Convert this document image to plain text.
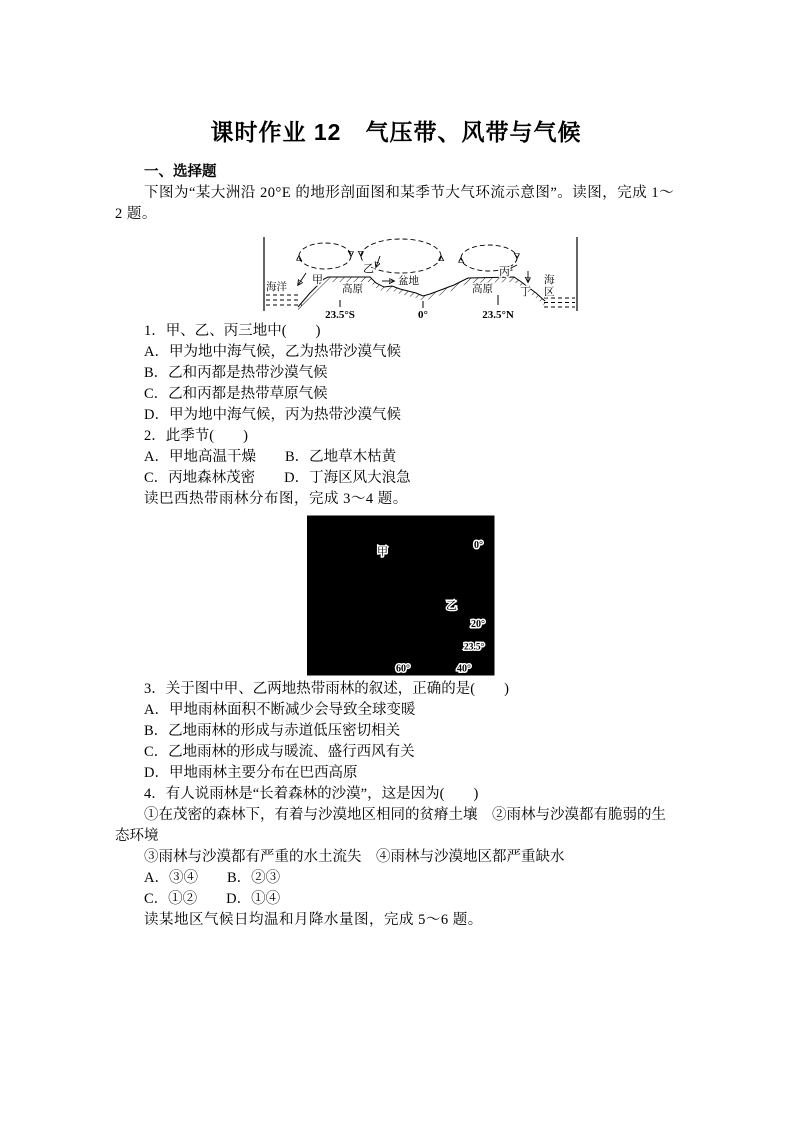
课时作业 12　气压带、风带与气候
一、选择题

下图为“某大洲沿 20°E 的地形剖面图和某季节大气环流示意图”。读图，完成 1～2 题。

海洋
甲
高原
乙
盆地
高原
丙
丁
海
区
23.5°S	0°	23.5°N

1．甲、乙、丙三地中(　　)

A．甲为地中海气候，乙为热带沙漠气候

B．乙和丙都是热带沙漠气候

C．乙和丙都是热带草原气候

D．甲为地中海气候，丙为热带沙漠气候

2．此季节(　　)

A．甲地高温干燥　　B．乙地草木枯黄

C．丙地森林茂密　　D．丁海区风大浪急

读巴西热带雨林分布图，完成 3～4 题。

甲
乙
0°
20°
23.5°
60°	40°
热带雨林

3．关于图中甲、乙两地热带雨林的叙述，正确的是(　　)

A．甲地雨林面积不断减少会导致全球变暖

B．乙地雨林的形成与赤道低压密切相关

C．乙地雨林的形成与暖流、盛行西风有关

D．甲地雨林主要分布在巴西高原

4．有人说雨林是“长着森林的沙漠”，这是因为(　　)

①在茂密的森林下，有着与沙漠地区相同的贫瘠土壤　②雨林与沙漠都有脆弱的生态环境

③雨林与沙漠都有严重的水土流失　④雨林与沙漠地区都严重缺水

A．③④　　B．②③

C．①②　　D．①④

读某地区气候日均温和月降水量图，完成 5～6 题。
